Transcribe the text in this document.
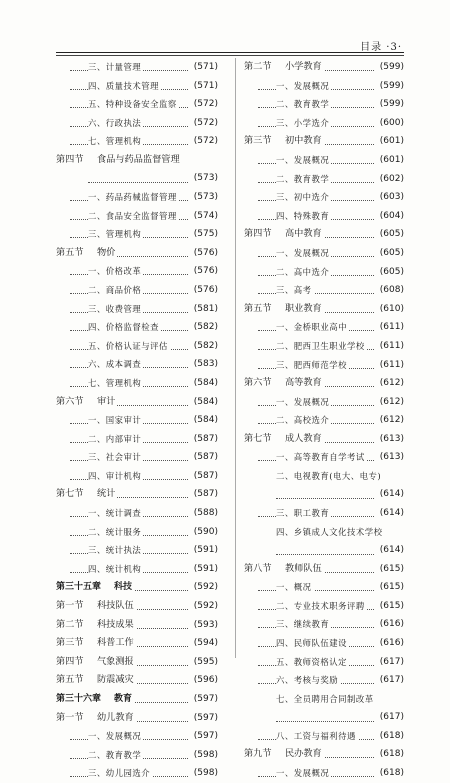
目录 ·3·
三、计量管理	(571)
四、质量技术管理	(571)
五、特种设备安全监察 (572)
六、行政执法	(572)
七、管理机构	(572)
第四节 食品与药品监督管理
(573)
一、药品药械监督管理 (573)
二、食品安全监督管理 (574)
三、管理机构	(575)
第五节 物价	(576)
一、价格改革	(576)
二、商品价格	(576)
三、收费管理	(581)
四、价格监督检查	(582)
五、价格认证与评估	(582)
六、成本调查	(583)
七、管理机构	(584)
第六节 审计	(584)
一、国家审计	(584)
二、内部审计	(587)
三、社会审计	(587)
四、审计机构	(587)
第七节 统计	(587)
一、统计调查	(588)
二、统计服务	(590)
三、统计执法	(591)
四、统计机构	(591)
第三十五章 科技	(592)
第一节 科技队伍	(592)
第二节 科技成果	(593)
第三节 科普工作	(594)
第四节 气象测报	(595)
第五节 防震减灾	(596)
第三十六章 教育	(597)
第一节 幼儿教育	(597)
一、发展概况	(597)
二、教育教学	(598)
三、幼儿园选介	(598)
第二节 小学教育	(599)
一、发展概况	(599)
二、教育教学	(599)
三、小学选介	(600)
第三节 初中教育	(601)
一、发展概况	(601)
二、教育教学	(602)
三、初中选介	(603)
四、特殊教育	(604)
第四节 高中教育	(605)
一、发展概况	(605)
二、高中选介	(605)
三、高考	(608)
第五节 职业教育	(610)
一、金桥职业高中	(611)
二、肥西卫生职业学校 (611)
三、肥西师范学校	(611)
第六节 高等教育	(612)
一、发展概况	(612)
二、高校选介	(612)
第七节 成人教育	(613)
一、高等教育自学考试 (613)
二、电视教育(电大、电专)
(614)
三、职工教育	(614)
四、乡镇成人文化技术学校
(614)
第八节 教师队伍	(615)
一、概况	(615)
二、专业技术职务评聘 (615)
三、继续教育	(616)
四、民师队伍建设	(616)
五、教师资格认定	(617)
六、考核与奖励	(617)
七、全员聘用合同制改革
(617)
八、工资与福利待遇	(618)
第九节 民办教育	(618)
一、发展概况	(618)
